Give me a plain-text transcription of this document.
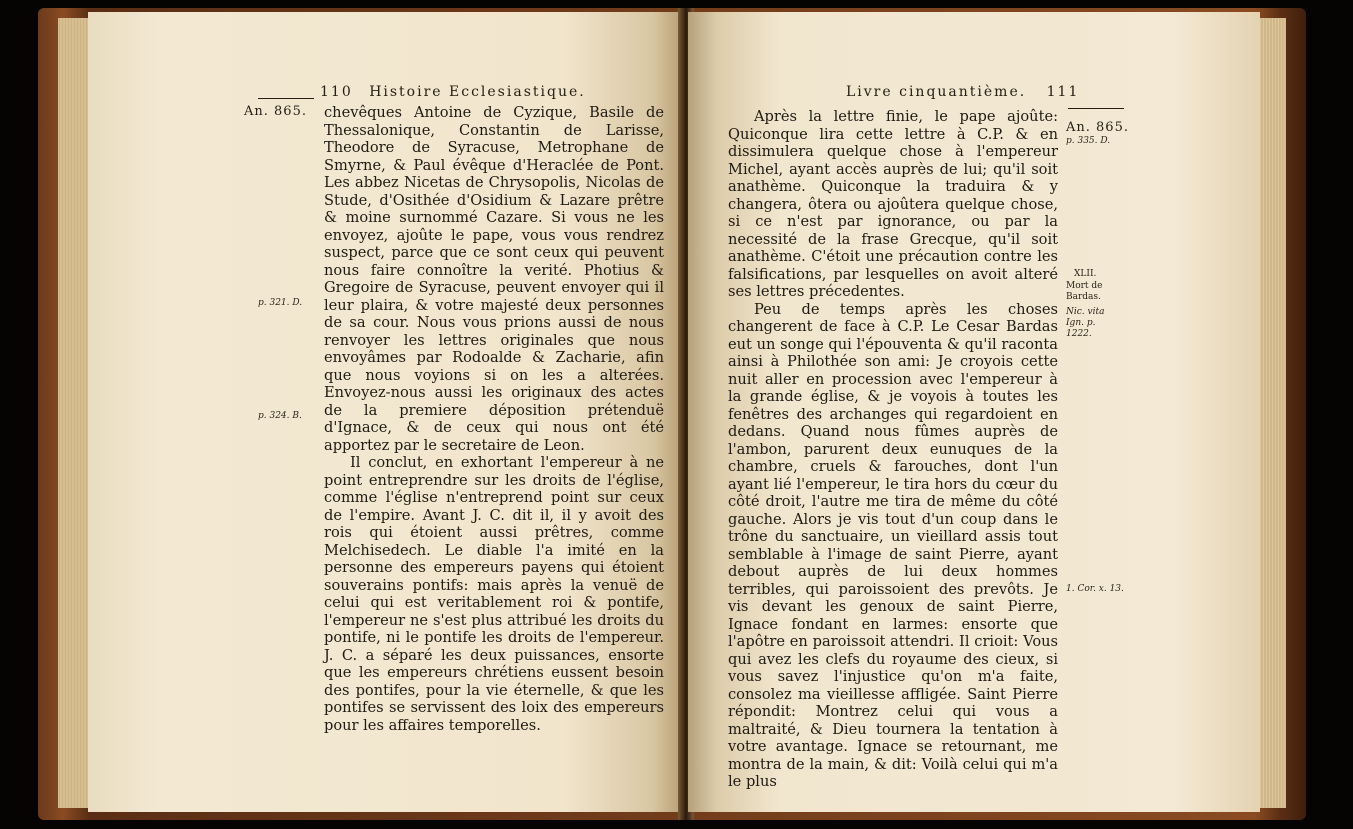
110 Histoire Ecclesiastique.
An. 865.
p. 321. D.
p. 324. B.

chevêques Antoine de Cyzique, Basile de Thessalonique, Constantin de Larisse, Theodore de Syracuse, Metrophane de Smyrne, & Paul évêque d'Heraclée de Pont. Les abbez Nicetas de Chrysopolis, Nicolas de Stude, d'Osithée d'Osidium & Lazare prêtre & moine surnommé Cazare. Si vous ne les envoyez, ajoûte le pape, vous vous rendrez suspect, parce que ce sont ceux qui peuvent nous faire connoître la verité. Photius & Gregoire de Syracuse, peuvent envoyer qui il leur plaira, & votre majesté deux personnes de sa cour. Nous vous prions aussi de nous renvoyer les lettres originales que nous envoyâmes par Rodoalde & Zacharie, afin que nous voyions si on les a alterées. Envoyez-nous aussi les originaux des actes de la premiere déposition prétenduë d'Ignace, & de ceux qui nous ont été apportez par le secretaire de Leon.

Il conclut, en exhortant l'empereur à ne point entreprendre sur les droits de l'église, comme l'église n'entreprend point sur ceux de l'empire. Avant J. C. dit il, il y avoit des rois qui étoient aussi prêtres, comme Melchisedech. Le diable l'a imité en la personne des empereurs payens qui étoient souverains pontifs: mais après la venuë de celui qui est veritablement roi & pontife, l'empereur ne s'est plus attribué les droits du pontife, ni le pontife les droits de l'empereur. J. C. a séparé les deux puissances, ensorte que les empereurs chrétiens eussent besoin des pontifes, pour la vie éternelle, & que les pontifes se servissent des loix des empereurs pour les affaires temporelles.

Livre cinquantième. 111
An. 865.
p. 335. D.
XLII.
Mort de Bardas.
Nic. vita Ign. p. 1222.
1. Cor. x. 13.

Après la lettre finie, le pape ajoûte: Quiconque lira cette lettre à C.P. & en dissimulera quelque chose à l'empereur Michel, ayant accès auprès de lui; qu'il soit anathème. Quiconque la traduira & y changera, ôtera ou ajoûtera quelque chose, si ce n'est par ignorance, ou par la necessité de la frase Grecque, qu'il soit anathème. C'étoit une précaution contre les falsifications, par lesquelles on avoit alteré ses lettres précedentes.

Peu de temps après les choses changerent de face à C.P. Le Cesar Bardas eut un songe qui l'épouventa & qu'il raconta ainsi à Philothée son ami: Je croyois cette nuit aller en procession avec l'empereur à la grande église, & je voyois à toutes les fenêtres des archanges qui regardoient en dedans. Quand nous fûmes auprès de l'ambon, parurent deux eunuques de la chambre, cruels & farouches, dont l'un ayant lié l'empereur, le tira hors du cœur du côté droit, l'autre me tira de même du côté gauche. Alors je vis tout d'un coup dans le trône du sanctuaire, un vieillard assis tout semblable à l'image de saint Pierre, ayant debout auprès de lui deux hommes terribles, qui paroissoient des prevôts. Je vis devant les genoux de saint Pierre, Ignace fondant en larmes: ensorte que l'apôtre en paroissoit attendri. Il crioit: Vous qui avez les clefs du royaume des cieux, si vous savez l'injustice qu'on m'a faite, consolez ma vieillesse affligée. Saint Pierre répondit: Montrez celui qui vous a maltraité, & Dieu tournera la tentation à votre avantage. Ignace se retournant, me montra de la main, & dit: Voilà celui qui m'a le plus
